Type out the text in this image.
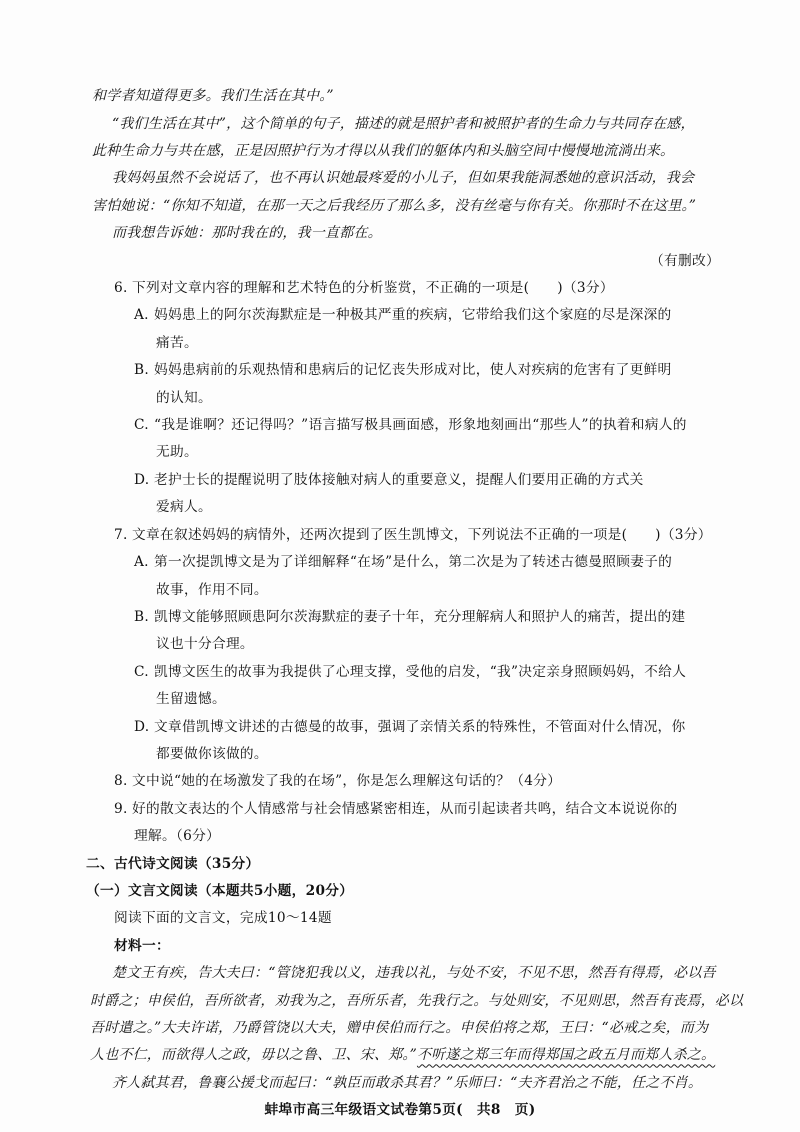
和学者知道得更多。我们生活在其中。”
“我们生活在其中”，这个简单的句子，描述的就是照护者和被照护者的生命力与共同存在感，
此种生命力与共在感，正是因照护行为才得以从我们的躯体内和头脑空间中慢慢地流淌出来。
我妈妈虽然不会说话了，也不再认识她最疼爱的小儿子，但如果我能洞悉她的意识活动，我会
害怕她说：“你知不知道，在那一天之后我经历了那么多，没有丝毫与你有关。你那时不在这里。”
而我想告诉她：那时我在的，我一直都在。
（有删改）
6. 下列对文章内容的理解和艺术特色的分析鉴赏，不正确的一项是(　　)（3分）
A. 妈妈患上的阿尔茨海默症是一种极其严重的疾病，它带给我们这个家庭的尽是深深的
痛苦。
B. 妈妈患病前的乐观热情和患病后的记忆丧失形成对比，使人对疾病的危害有了更鲜明
的认知。
C. “我是谁啊？还记得吗？”语言描写极具画面感，形象地刻画出“那些人”的执着和病人的
无助。
D. 老护士长的提醒说明了肢体接触对病人的重要意义，提醒人们要用正确的方式关
爱病人。
7. 文章在叙述妈妈的病情外，还两次提到了医生凯博文，下列说法不正确的一项是(　　)（3分）
A. 第一次提凯博文是为了详细解释“在场”是什么，第二次是为了转述古德曼照顾妻子的
故事，作用不同。
B. 凯博文能够照顾患阿尔茨海默症的妻子十年，充分理解病人和照护人的痛苦，提出的建
议也十分合理。
C. 凯博文医生的故事为我提供了心理支撑，受他的启发，“我”决定亲身照顾妈妈，不给人
生留遗憾。
D. 文章借凯博文讲述的古德曼的故事，强调了亲情关系的特殊性，不管面对什么情况，你
都要做你该做的。
8. 文中说“她的在场激发了我的在场”，你是怎么理解这句话的？（4分）
9. 好的散文表达的个人情感常与社会情感紧密相连，从而引起读者共鸣，结合文本说说你的
理解。（6分）
二、古代诗文阅读（35分）
（一）文言文阅读（本题共5小题，20分）
阅读下面的文言文，完成10～14题
材料一：
楚文王有疾，告大夫曰：“管饶犯我以义，违我以礼，与处不安，不见不思，然吾有得焉，必以吾
时爵之；申侯伯，吾所欲者，劝我为之，吾所乐者，先我行之。与处则安，不见则思，然吾有丧焉，必以
吾时遣之。”大夫许诺，乃爵管饶以大夫，赠申侯伯而行之。申侯伯将之郑，王曰：“必戒之矣，而为
人也不仁，而欲得人之政，毋以之鲁、卫、宋、郑。”不听遂之郑三年而得郑国之政五月而郑人杀之。
齐人弑其君，鲁襄公援戈而起曰：“孰臣而敢杀其君？”乐师曰：“夫齐君治之不能，任之不肖。
蚌埠市高三年级语文试卷第5页(　共8　页)
